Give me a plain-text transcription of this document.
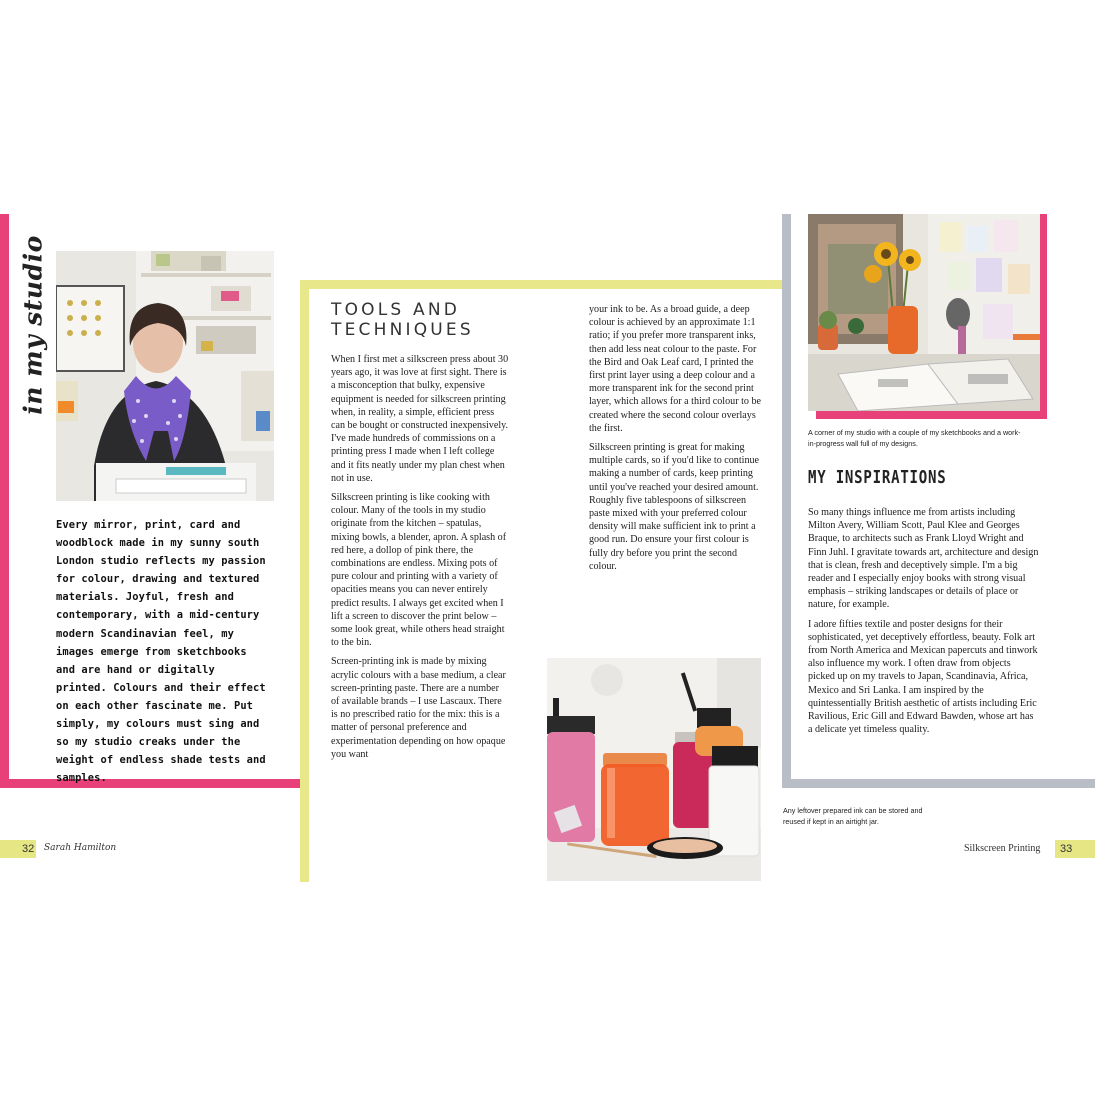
in my studio
Every mirror, print, card and woodblock made in my sunny south London studio reflects my passion for colour, drawing and textured materials. Joyful, fresh and contemporary, with a mid-century modern Scandinavian feel, my images emerge from sketchbooks and are hand or digitally printed. Colours and their effect on each other fascinate me. Put simply, my colours must sing and so my studio creaks under the weight of endless shade tests and samples.
32 Sarah Hamilton
TOOLS AND
TECHNIQUES

When I first met a silkscreen press about 30 years ago, it was love at first sight. There is a misconception that bulky, expensive equipment is needed for silkscreen printing when, in reality, a simple, efficient press can be bought or constructed inexpensively. I've made hundreds of commissions on a printing press I made when I left college and it fits neatly under my plan chest when not in use.

Silkscreen printing is like cooking with colour. Many of the tools in my studio originate from the kitchen – spatulas, mixing bowls, a blender, apron. A splash of red here, a dollop of pink there, the combinations are endless. Mixing pots of pure colour and printing with a variety of opacities means you can never entirely predict results. I always get excited when I lift a screen to discover the print below – some look great, while others head straight to the bin.

Screen-printing ink is made by mixing acrylic colours with a base medium, a clear screen-printing paste. There are a number of available brands – I use Lascaux. There is no prescribed ratio for the mix: this is a matter of personal preference and experimentation depending on how opaque you want

your ink to be. As a broad guide, a deep colour is achieved by an approximate 1:1 ratio; if you prefer more transparent inks, then add less neat colour to the paste. For the Bird and Oak Leaf card, I printed the first print layer using a deep colour and a more transparent ink for the second print layer, which allows for a third colour to be created where the second colour overlays the first.

Silkscreen printing is great for making multiple cards, so if you'd like to continue making a number of cards, keep printing until you've reached your desired amount. Roughly five tablespoons of silkscreen paste mixed with your preferred colour density will make sufficient ink to print a good run. Do ensure your first colour is fully dry before you print the second colour.

A corner of my studio with a couple of my sketchbooks and a work-in-progress wall full of my designs.
MY INSPIRATIONS

So many things influence me from artists including Milton Avery, William Scott, Paul Klee and Georges Braque, to architects such as Frank Lloyd Wright and Finn Juhl. I gravitate towards art, architecture and design that is clean, fresh and deceptively simple. I'm a big reader and I especially enjoy books with strong visual emphasis – striking landscapes or details of place or nature, for example.

I adore fifties textile and poster designs for their sophisticated, yet deceptively effortless, beauty. Folk art from North America and Mexican papercuts and tinwork also influence my work. I often draw from objects picked up on my travels to Japan, Scandinavia, Africa, Mexico and Sri Lanka. I am inspired by the quintessentially British aesthetic of artists including Eric Ravilious, Eric Gill and Edward Bawden, whose art has a delicate yet timeless quality.

Any leftover prepared ink can be stored and reused if kept in an airtight jar.
Silkscreen Printing 33
